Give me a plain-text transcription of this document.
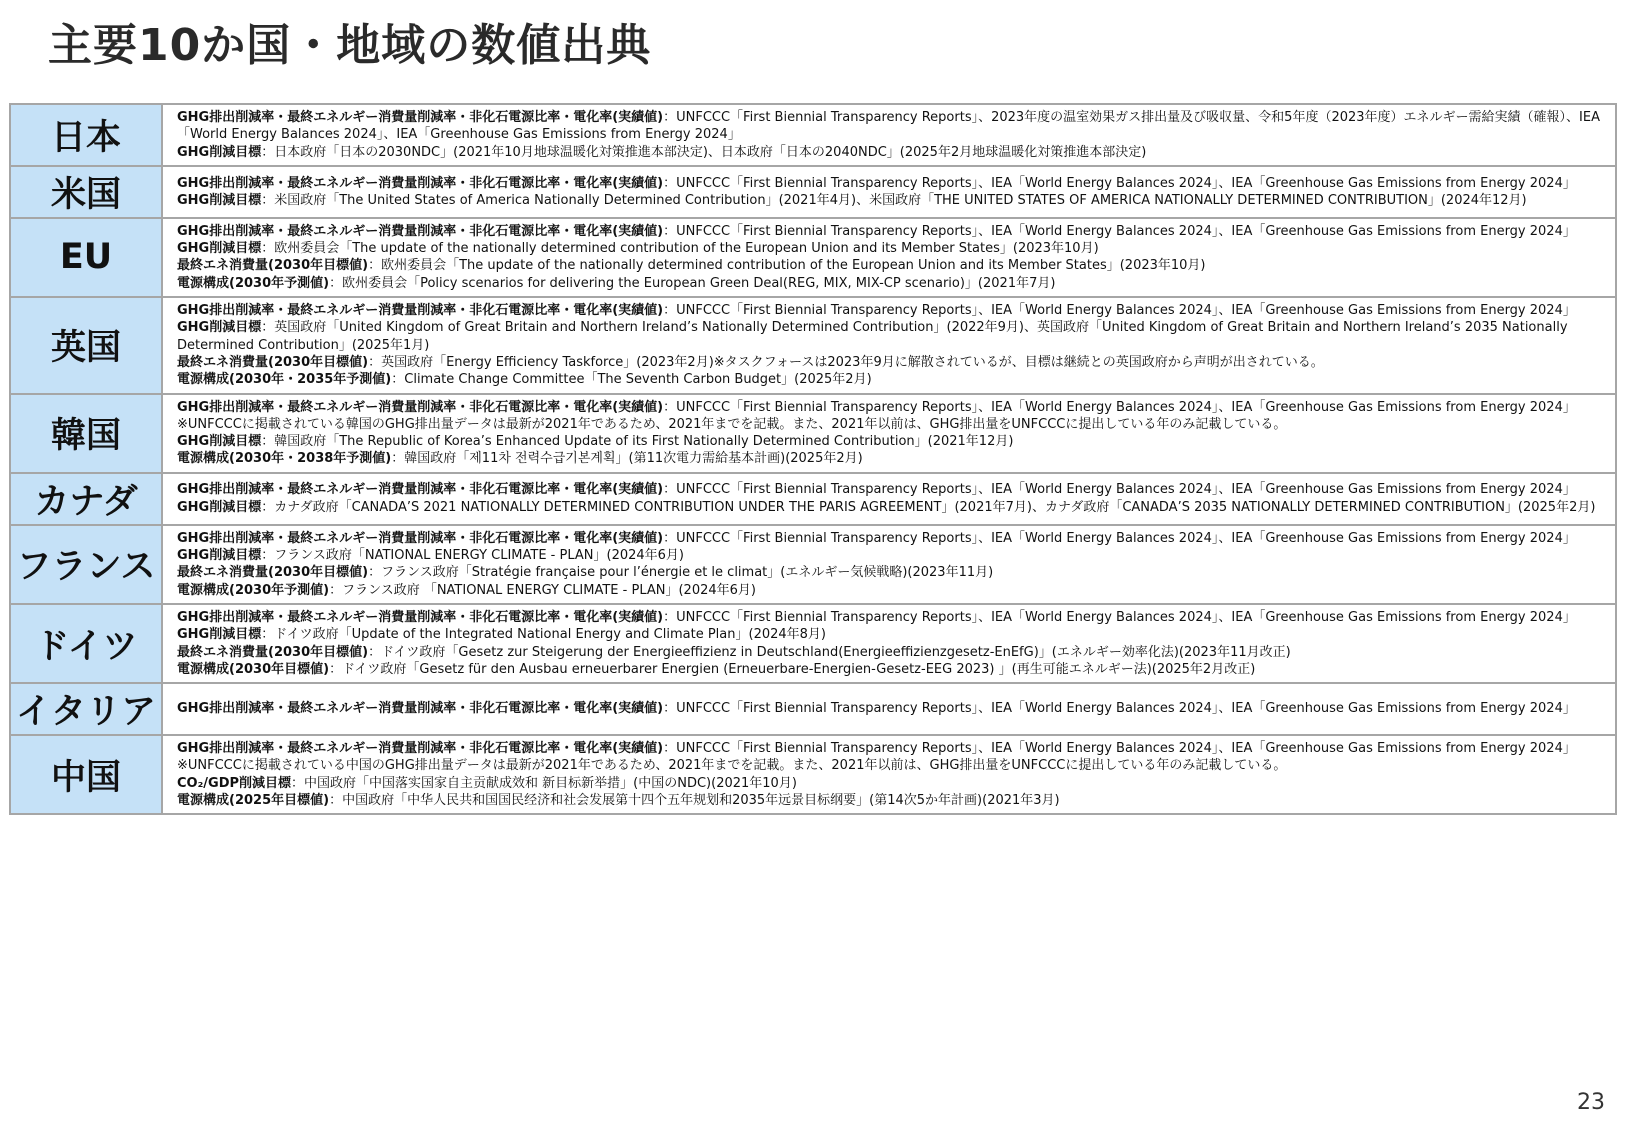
主要10か国・地域の数値出典
日本	GHG排出削減率・最終エネルギー消費量削減率・非化石電源比率・電化率(実績値)：UNFCCC「First Biennial Transparency Reports」、2023年度の温室効果ガス排出量及び吸収量、令和5年度（2023年度）エネルギー需給実績（確報）、IEA「World Energy Balances 2024」、IEA「Greenhouse Gas Emissions from Energy 2024」
GHG削減目標：日本政府「日本の2030NDC」(2021年10月地球温暖化対策推進本部決定)、日本政府「日本の2040NDC」(2025年2月地球温暖化対策推進本部決定)

米国	GHG排出削減率・最終エネルギー消費量削減率・非化石電源比率・電化率(実績値)：UNFCCC「First Biennial Transparency Reports」、IEA「World Energy Balances 2024」、IEA「Greenhouse Gas Emissions from Energy 2024」
GHG削減目標：米国政府「The United States of America Nationally Determined Contribution」(2021年4月)、米国政府「THE UNITED STATES OF AMERICA NATIONALLY DETERMINED CONTRIBUTION」(2024年12月)

EU	GHG排出削減率・最終エネルギー消費量削減率・非化石電源比率・電化率(実績値)：UNFCCC「First Biennial Transparency Reports」、IEA「World Energy Balances 2024」、IEA「Greenhouse Gas Emissions from Energy 2024」
GHG削減目標：欧州委員会「The update of the nationally determined contribution of the European Union and its Member States」(2023年10月)
最終エネ消費量(2030年目標値)：欧州委員会「The update of the nationally determined contribution of the European Union and its Member States」(2023年10月)
電源構成(2030年予測値)：欧州委員会「Policy scenarios for delivering the European Green Deal(REG, MIX, MIX-CP scenario)」(2021年7月)

英国	GHG排出削減率・最終エネルギー消費量削減率・非化石電源比率・電化率(実績値)：UNFCCC「First Biennial Transparency Reports」、IEA「World Energy Balances 2024」、IEA「Greenhouse Gas Emissions from Energy 2024」
GHG削減目標：英国政府「United Kingdom of Great Britain and Northern Ireland’s Nationally Determined Contribution」(2022年9月)、英国政府「United Kingdom of Great Britain and Northern Ireland’s 2035 Nationally Determined Contribution」(2025年1月)
最終エネ消費量(2030年目標値)：英国政府「Energy Efficiency Taskforce」(2023年2月)※タスクフォースは2023年9月に解散されているが、目標は継続との英国政府から声明が出されている。
電源構成(2030年・2035年予測値)：Climate Change Committee「The Seventh Carbon Budget」(2025年2月)

韓国	GHG排出削減率・最終エネルギー消費量削減率・非化石電源比率・電化率(実績値)：UNFCCC「First Biennial Transparency Reports」、IEA「World Energy Balances 2024」、IEA「Greenhouse Gas Emissions from Energy 2024」 ※UNFCCCに掲載されている韓国のGHG排出量データは最新が2021年であるため、2021年までを記載。また、2021年以前は、GHG排出量をUNFCCCに提出している年のみ記載している。
GHG削減目標：韓国政府「The Republic of Korea’s Enhanced Update of its First Nationally Determined Contribution」(2021年12月)
電源構成(2030年・2038年予測値)：韓国政府「제11차 전력수급기본계획」(第11次電力需給基本計画)(2025年2月)

カナダ	GHG排出削減率・最終エネルギー消費量削減率・非化石電源比率・電化率(実績値)：UNFCCC「First Biennial Transparency Reports」、IEA「World Energy Balances 2024」、IEA「Greenhouse Gas Emissions from Energy 2024」
GHG削減目標：カナダ政府「CANADA’S 2021 NATIONALLY DETERMINED CONTRIBUTION UNDER THE PARIS AGREEMENT」(2021年7月)、カナダ政府「CANADA’S 2035 NATIONALLY DETERMINED CONTRIBUTION」(2025年2月)

フランス	GHG排出削減率・最終エネルギー消費量削減率・非化石電源比率・電化率(実績値)：UNFCCC「First Biennial Transparency Reports」、IEA「World Energy Balances 2024」、IEA「Greenhouse Gas Emissions from Energy 2024」
GHG削減目標：フランス政府「NATIONAL ENERGY CLIMATE - PLAN」(2024年6月)
最終エネ消費量(2030年目標値)：フランス政府「Stratégie française pour l’énergie et le climat」(エネルギー気候戦略)(2023年11月)
電源構成(2030年予測値)：フランス政府 「NATIONAL ENERGY CLIMATE - PLAN」(2024年6月)

ドイツ	GHG排出削減率・最終エネルギー消費量削減率・非化石電源比率・電化率(実績値)：UNFCCC「First Biennial Transparency Reports」、IEA「World Energy Balances 2024」、IEA「Greenhouse Gas Emissions from Energy 2024」
GHG削減目標：ドイツ政府「Update of the Integrated National Energy and Climate Plan」(2024年8月)
最終エネ消費量(2030年目標値)：ドイツ政府「Gesetz zur Steigerung der Energieeffizienz in Deutschland(Energieeffizienzgesetz-EnEfG)」(エネルギー効率化法)(2023年11月改正)
電源構成(2030年目標値)：ドイツ政府「Gesetz für den Ausbau erneuerbarer Energien (Erneuerbare-Energien-Gesetz-EEG 2023) 」(再生可能エネルギー法)(2025年2月改正)

イタリア	GHG排出削減率・最終エネルギー消費量削減率・非化石電源比率・電化率(実績値)：UNFCCC「First Biennial Transparency Reports」、IEA「World Energy Balances 2024」、IEA「Greenhouse Gas Emissions from Energy 2024」

中国	GHG排出削減率・最終エネルギー消費量削減率・非化石電源比率・電化率(実績値)：UNFCCC「First Biennial Transparency Reports」、IEA「World Energy Balances 2024」、IEA「Greenhouse Gas Emissions from Energy 2024」 ※UNFCCCに掲載されている中国のGHG排出量データは最新が2021年であるため、2021年までを記載。また、2021年以前は、GHG排出量をUNFCCCに提出している年のみ記載している。
CO₂/GDP削減目標：中国政府「中国落实国家自主贡献成效和 新目标新举措」(中国のNDC)(2021年10月)
電源構成(2025年目標値)：中国政府「中华人民共和国国民经济和社会发展第十四个五年规划和2035年远景目标纲要」(第14次5か年計画)(2021年3月)
23
